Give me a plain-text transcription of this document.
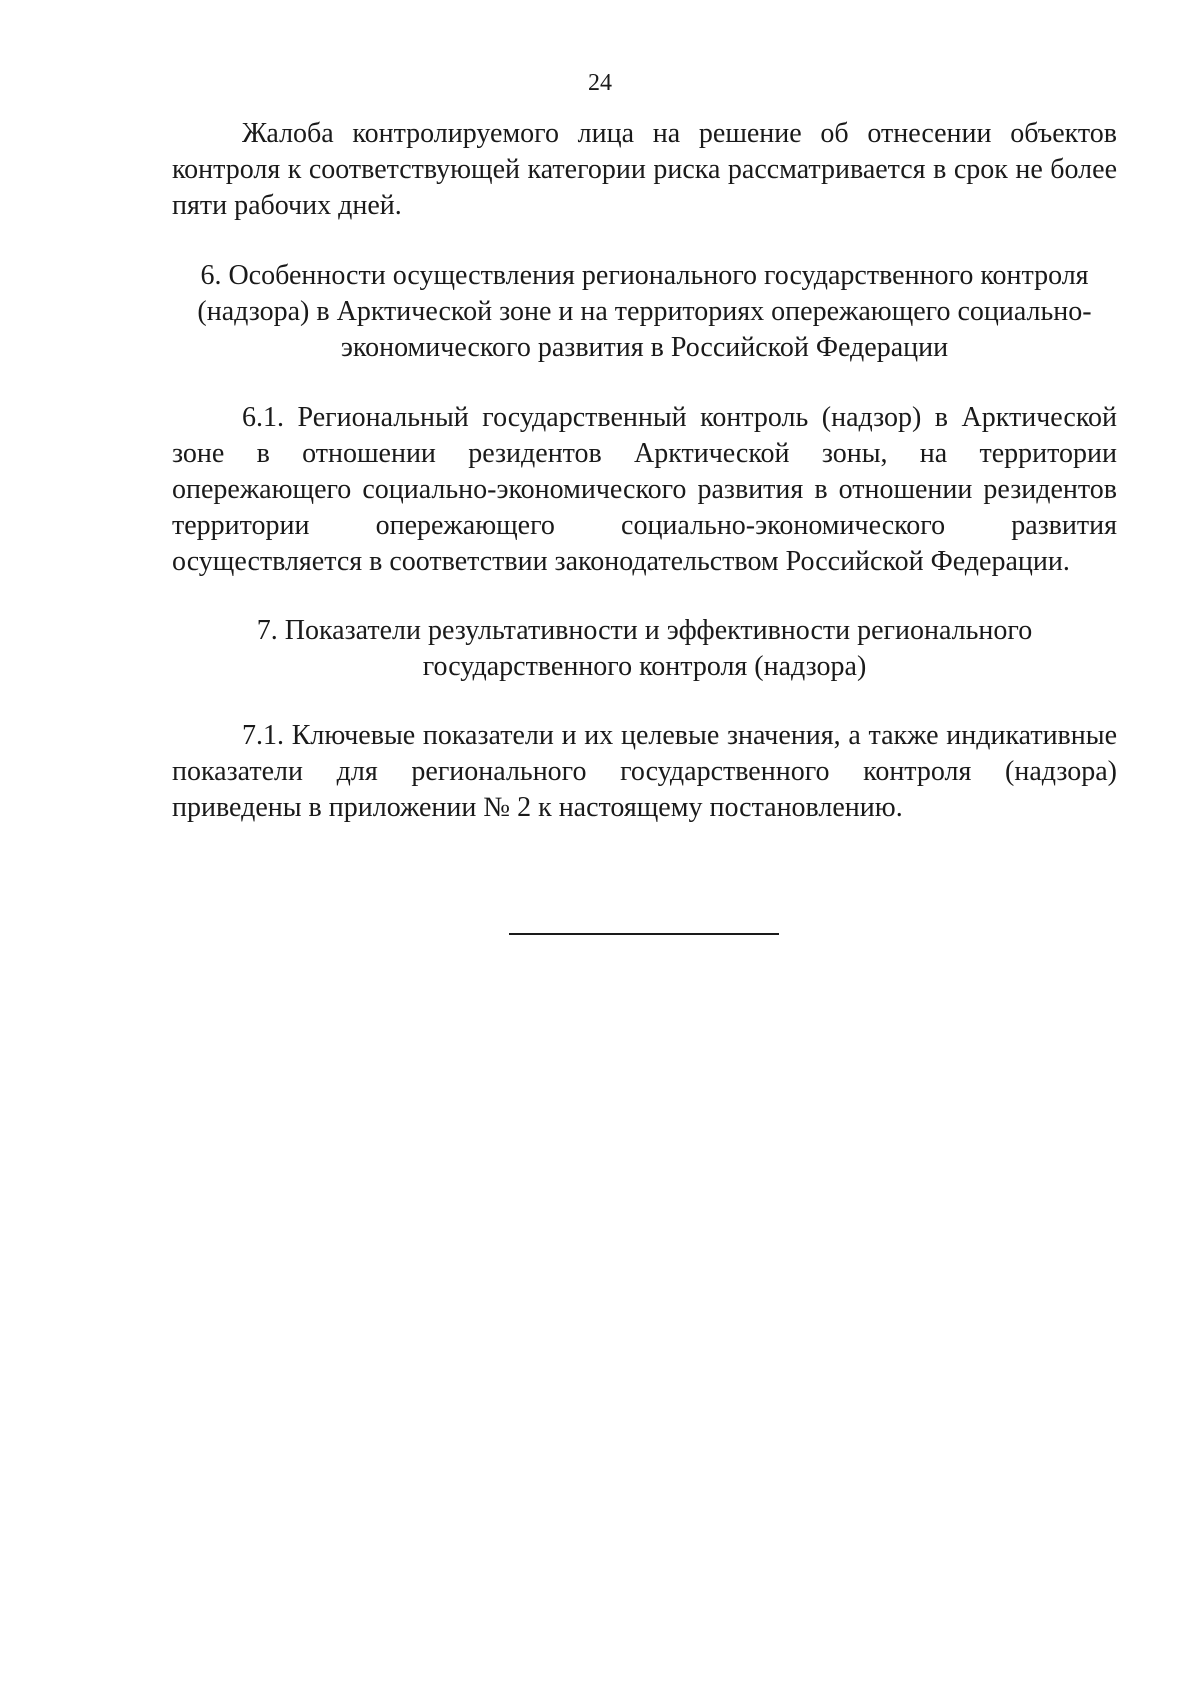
24

Жалоба контролируемого лица на решение об отнесении объектов контроля к соответствующей категории риска рассматривается в срок не более пяти рабочих дней.

6. Особенности осуществления регионального государственного контроля (надзора) в Арктической зоне и на территориях опережающего социально-экономического развития в Российской Федерации

6.1. Региональный государственный контроль (надзор) в Арктической зоне в отношении резидентов Арктической зоны, на территории опережающего социально-экономического развития в отношении резидентов территории опережающего социально-экономического развития осуществляется в соответствии законодательством Российской Федерации.

7. Показатели результативности и эффективности регионального государственного контроля (надзора)

7.1. Ключевые показатели и их целевые значения, а также индикативные показатели для регионального государственного контроля (надзора) приведены в приложении № 2 к настоящему постановлению.
